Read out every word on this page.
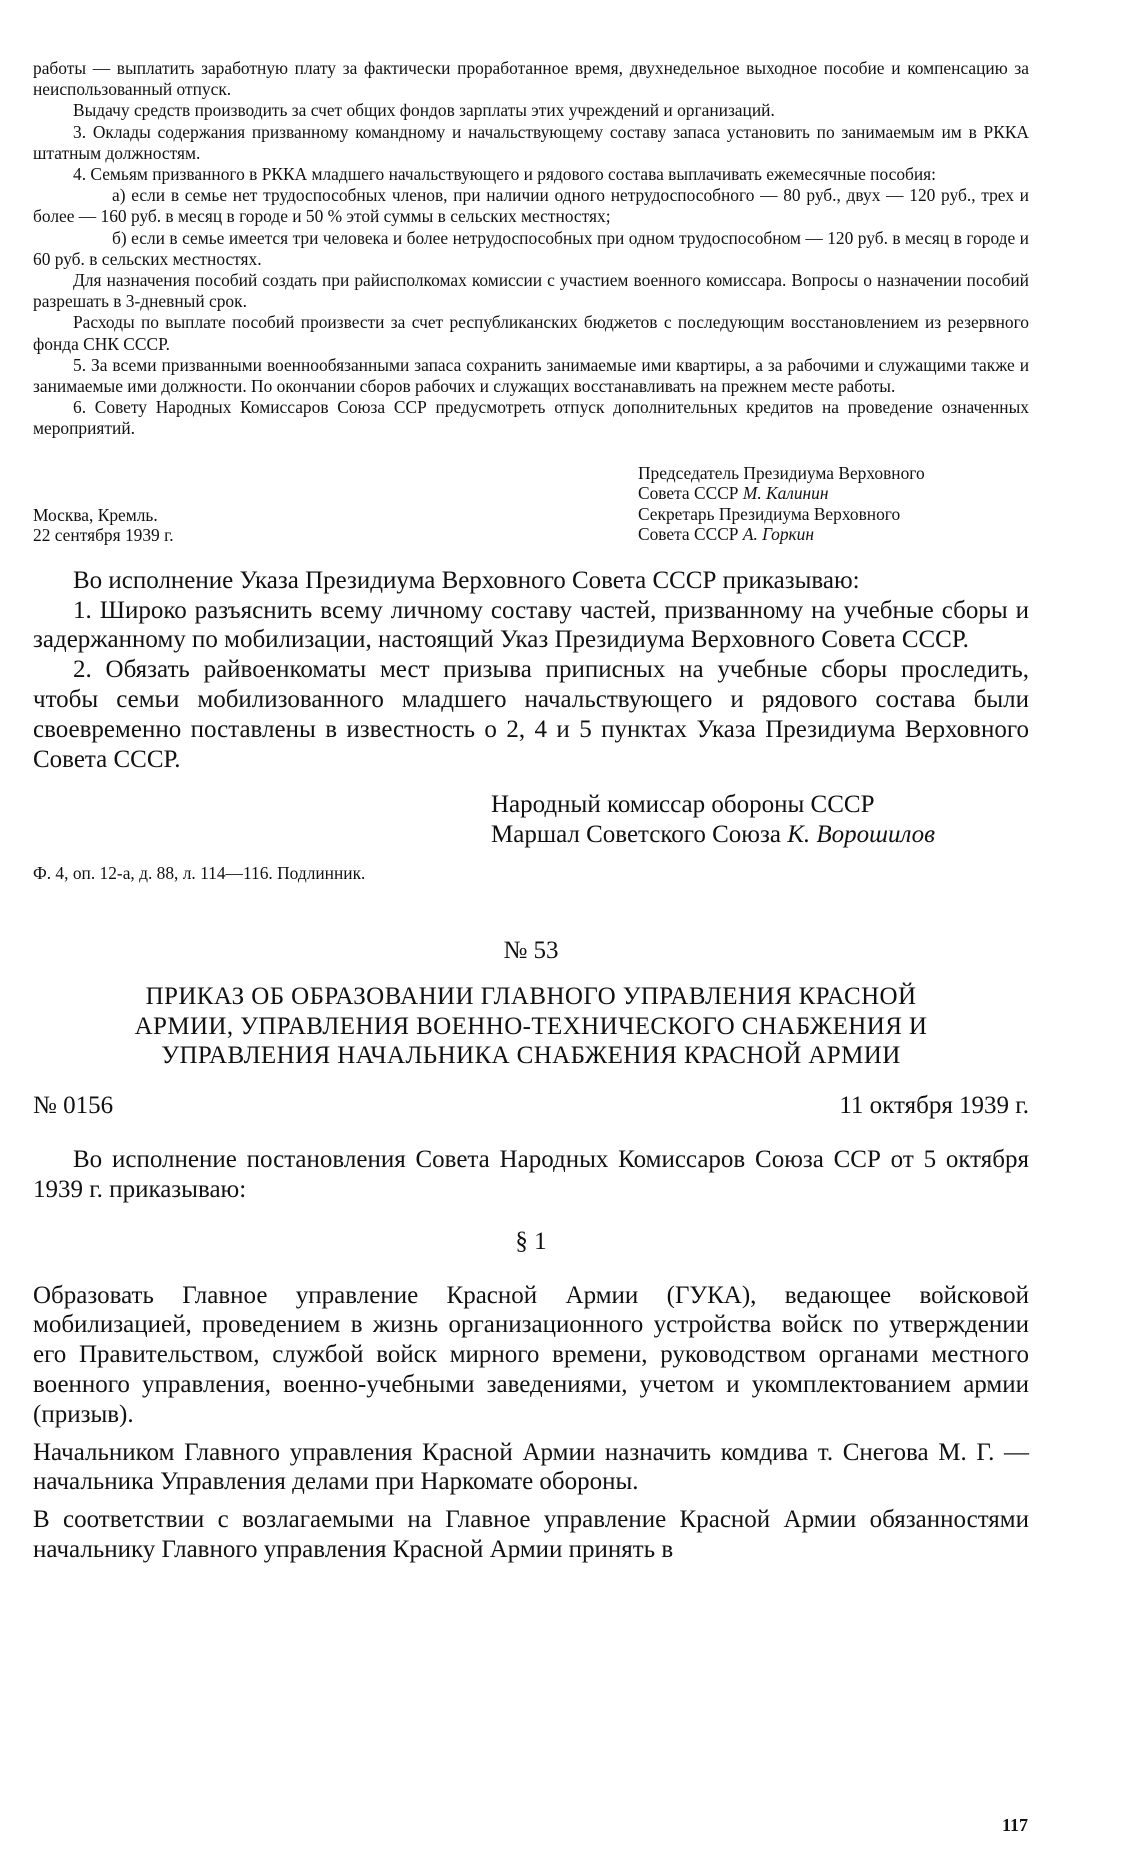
работы — выплатить заработную плату за фактически проработанное время, двухнедельное выходное пособие и компенсацию за неиспользованный отпуск.

Выдачу средств производить за счет общих фондов зарплаты этих учреждений и организаций.

3. Оклады содержания призванному командному и начальствующему составу запаса установить по занимаемым им в РККА штатным должностям.

4. Семьям призванного в РККА младшего начальствующего и рядового состава выплачивать ежемесячные пособия:

а) если в семье нет трудоспособных членов, при наличии одного нетрудоспособного — 80 руб., двух — 120 руб., трех и более — 160 руб. в месяц в городе и 50 % этой суммы в сельских местностях;

б) если в семье имеется три человека и более нетрудоспособных при одном трудоспособном — 120 руб. в месяц в городе и 60 руб. в сельских местностях.

Для назначения пособий создать при райисполкомах комиссии с участием военного комиссара. Вопросы о назначении пособий разрешать в 3-дневный срок.

Расходы по выплате пособий произвести за счет республиканских бюджетов с последующим восстановлением из резервного фонда СНК СССР.

5. За всеми призванными военнообязанными запаса сохранить занимаемые ими квартиры, а за рабочими и служащими также и занимаемые ими должности. По окончании сборов рабочих и служащих восстанавливать на прежнем месте работы.

6. Совету Народных Комиссаров Союза ССР предусмотреть отпуск дополнительных кредитов на проведение означенных мероприятий.

Москва, Кремль.
22 сентября 1939 г.
Председатель Президиума Верховного
Совета СССР М. Калинин
Секретарь Президиума Верховного
Совета СССР А. Горкин

Во исполнение Указа Президиума Верховного Совета СССР приказываю:

1. Широко разъяснить всему личному составу частей, призванному на учебные сборы и задержанному по мобилизации, настоящий Указ Президиума Верховного Совета СССР.

2. Обязать райвоенкоматы мест призыва приписных на учебные сборы проследить, чтобы семьи мобилизованного младшего начальствующего и рядового состава были своевременно поставлены в известность о 2, 4 и 5 пунктах Указа Президиума Верховного Совета СССР.

Народный комиссар обороны СССР
Маршал Советского Союза К. Ворошилов
Ф. 4, оп. 12-а, д. 88, л. 114—116. Подлинник.
№ 53
ПРИКАЗ ОБ ОБРАЗОВАНИИ ГЛАВНОГО УПРАВЛЕНИЯ КРАСНОЙ
АРМИИ, УПРАВЛЕНИЯ ВОЕННО-ТЕХНИЧЕСКОГО СНАБЖЕНИЯ И
УПРАВЛЕНИЯ НАЧАЛЬНИКА СНАБЖЕНИЯ КРАСНОЙ АРМИИ
№ 0156	11 октября 1939 г.

Во исполнение постановления Совета Народных Комиссаров Союза ССР от 5 октября 1939 г. приказываю:

§ 1

Образовать Главное управление Красной Армии (ГУКА), ведающее войсковой мобилизацией, проведением в жизнь организационного устройства войск по утверждении его Правительством, службой войск мирного времени, руководством органами местного военного управления, военно-учебными заведениями, учетом и укомплектованием армии (призыв).

Начальником Главного управления Красной Армии назначить комдива т. Снегова М. Г. — начальника Управления делами при Наркомате обороны.

В соответствии с возлагаемыми на Главное управление Красной Армии обязанностями начальнику Главного управления Красной Армии принять в

117
